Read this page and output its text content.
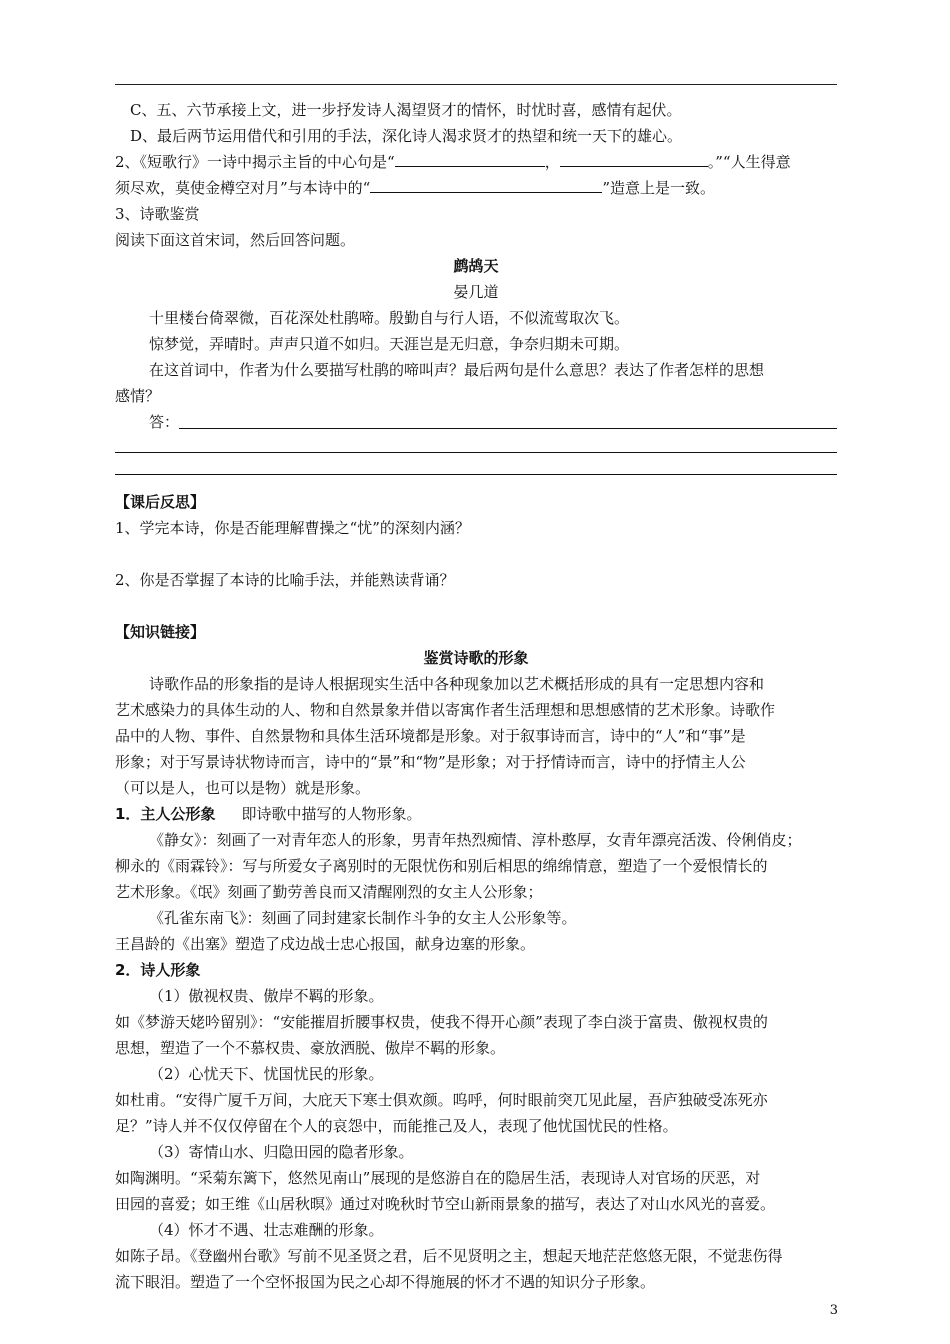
C、五、六节承接上文，进一步抒发诗人渴望贤才的情怀，时忧时喜，感情有起伏。

D、最后两节运用借代和引用的手法，深化诗人渴求贤才的热望和统一天下的雄心。

2、《短歌行》一诗中揭示主旨的中心句是“	，	。”“人生得意

须尽欢，莫使金樽空对月”与本诗中的“	”造意上是一致。

3、诗歌鉴赏

阅读下面这首宋词，然后回答问题。

鹧鸪天

晏几道

十里楼台倚翠微，百花深处杜鹃啼。殷勤自与行人语，不似流莺取次飞。

惊梦觉，弄晴时。声声只道不如归。天涯岂是无归意，争奈归期未可期。

在这首词中，作者为什么要描写杜鹃的啼叫声？最后两句是什么意思？表达了作者怎样的思想

感情？

答：

【课后反思】

1、学完本诗，你是否能理解曹操之“忧”的深刻内涵？

2、你是否掌握了本诗的比喻手法，并能熟读背诵？

【知识链接】

鉴赏诗歌的形象

诗歌作品的形象指的是诗人根据现实生活中各种现象加以艺术概括形成的具有一定思想内容和

艺术感染力的具体生动的人、物和自然景象并借以寄寓作者生活理想和思想感情的艺术形象。诗歌作

品中的人物、事件、自然景物和具体生活环境都是形象。对于叙事诗而言，诗中的“人”和“事”是

形象；对于写景诗状物诗而言，诗中的“景”和“物”是形象；对于抒情诗而言，诗中的抒情主人公

（可以是人，也可以是物）就是形象。

1．主人公形象 即诗歌中描写的人物形象。

《静女》：刻画了一对青年恋人的形象，男青年热烈痴情、淳朴憨厚，女青年漂亮活泼、伶俐俏皮；

柳永的《雨霖铃》：写与所爱女子离别时的无限忧伤和别后相思的绵绵情意，塑造了一个爱恨情长的

艺术形象。《氓》刻画了勤劳善良而又清醒刚烈的女主人公形象；

《孔雀东南飞》：刻画了同封建家长制作斗争的女主人公形象等。

王昌龄的《出塞》塑造了戍边战士忠心报国，献身边塞的形象。

2．诗人形象

（1）傲视权贵、傲岸不羁的形象。

如《梦游天姥吟留别》：“安能摧眉折腰事权贵，使我不得开心颜”表现了李白淡于富贵、傲视权贵的

思想，塑造了一个不慕权贵、豪放洒脱、傲岸不羁的形象。

（2）心忧天下、忧国忧民的形象。

如杜甫。“安得广厦千万间，大庇天下寒士俱欢颜。呜呼，何时眼前突兀见此屋，吾庐独破受冻死亦

足？”诗人并不仅仅停留在个人的哀怨中，而能推己及人，表现了他忧国忧民的性格。

（3）寄情山水、归隐田园的隐者形象。

如陶渊明。“采菊东篱下，悠然见南山”展现的是悠游自在的隐居生活，表现诗人对官场的厌恶，对

田园的喜爱；如王维《山居秋暝》通过对晚秋时节空山新雨景象的描写，表达了对山水风光的喜爱。

（4）怀才不遇、壮志难酬的形象。

如陈子昂。《登幽州台歌》写前不见圣贤之君，后不见贤明之主，想起天地茫茫悠悠无限，不觉悲伤得

流下眼泪。塑造了一个空怀报国为民之心却不得施展的怀才不遇的知识分子形象。

3
